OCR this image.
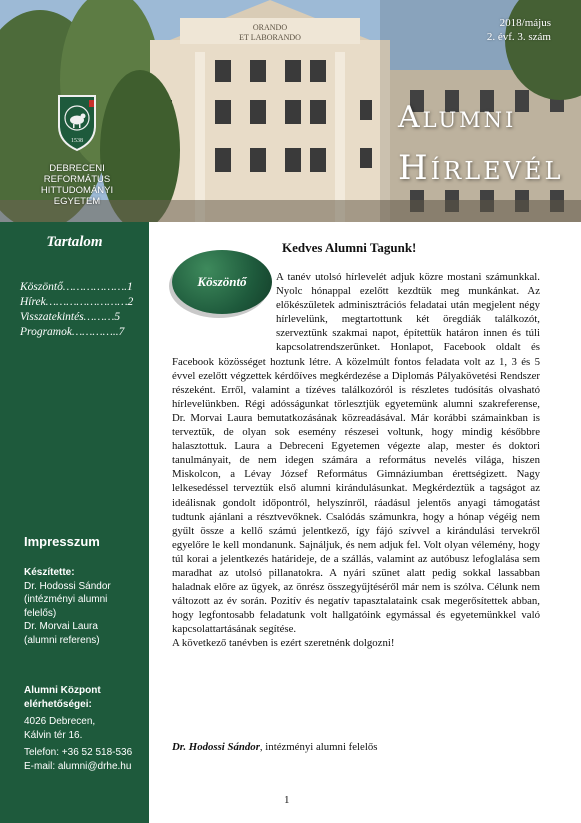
ORANDO
ET LABORANDO
2018/május
2. évf. 3. szám
Alumni
Hírlevél
1538
DEBRECENI REFORMÁTUS
HITTUDOMÁNYI
EGYETEM
Tartalom
Köszöntő……………….1
Hírek……………………2
Visszatekintés………5
Programok…………..7
Impresszum
Készítette:
Dr. Hodossi Sándor
(intézményi alumni
felelős)
Dr. Morvai Laura
(alumni referens)
Alumni Központ
elérhetőségei:
4026 Debrecen,
Kálvin tér 16.
Telefon: +36 52 518-536
E-mail: alumni@drhe.hu
Kedves Alumni Tagunk!

A tanév utolsó hírlevelét adjuk közre mostani számunkkal. Nyolc hónappal ezelőtt kezdtük meg munkánkat. Az előkészületek adminisztrációs feladatai után megjelent négy hírlevelünk, megtartottunk két öregdiák találkozót, szerveztünk szakmai napot, építettük határon innen és túli kapcsolatrendszerünket. Honlapot, Facebook oldalt és Facebook közösséget hoztunk létre. A közelmúlt fontos feladata volt az 1, 3 és 5 évvel ezelőtt végzettek kérdőíves megkérdezése a Diplomás Pályakövetési Rendszer részeként. Erről, valamint a tízéves találkozóról is részletes tudósítás olvasható hírlevelünkben. Régi adósságunkat törlesztjük egyetemünk alumni szakreferense, Dr. Morvai Laura bemutatkozásának közreadásával. Már korábbi számainkban is terveztük, de olyan sok esemény részesei voltunk, hogy mindig későbbre halasztottuk. Laura a Debreceni Egyetemen végezte alap, mester és doktori tanulmányait, de nem idegen számára a református nevelés világa, hiszen Miskolcon, a Lévay József Református Gimnáziumban érettségizett. Nagy lelkesedéssel terveztük első alumni kirándulásunkat. Megkérdeztük a tagságot az ideálisnak gondolt időpontról, helyszínről, ráadásul jelentős anyagi támogatást tudtunk ajánlani a résztvevőknek. Csalódás számunkra, hogy a hónap végéig nem gyűlt össze a kellő számú jelentkező, így fájó szívvel a kirándulási tervekről egyelőre le kell mondanunk. Sajnáljuk, és nem adjuk fel. Volt olyan vélemény, hogy túl korai a jelentkezés határideje, de a szállás, valamint az autóbusz lefoglalása sem maradhat az utolsó pillanatokra. A nyári szünet alatt pedig sokkal lassabban haladnak előre az ügyek, az önrész összegyűjtéséről már nem is szólva. Célunk nem változott az év során. Pozitív és negatív tapasztalataink csak megerősítettek abban, hogy legfontosabb feladatunk volt hallgatóink egymással és egyetemünkkel való kapcsolattartásának segítése.

A következő tanévben is ezért szeretnénk dolgozni!

Köszöntő
Dr. Hodossi Sándor, intézményi alumni felelős
1
